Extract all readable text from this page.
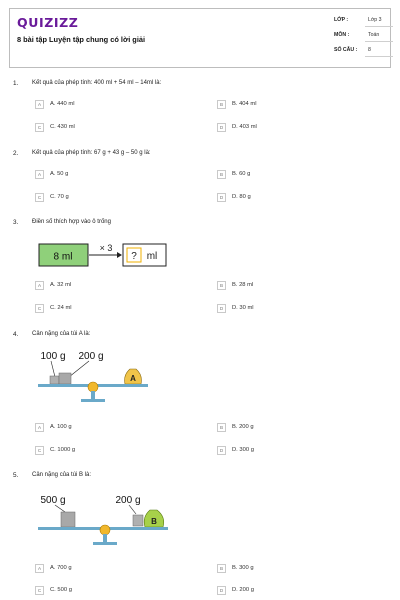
QUIZIZZ
8 bài tập Luyện tập chung có lời giải
LỚP :	Lớp 3
MÔN :	Toán
SỐ CÂU : 8
1. Kết quả của phép tính: 400 ml + 54 ml – 14ml là:
A	A. 440 ml	B	B. 404 ml
C	C. 430 ml	D	D. 403 ml
2. Kết quả của phép tính: 67 g + 43 g – 50 g là:
A	A. 50 g	B	B. 60 g
C	C. 70 g	D	D. 80 g
3. Điền số thích hợp vào ô trống
8 ml
× 3
? ml
A	A. 32 ml	B	B. 28 ml
C	C. 24 ml	D	D. 30 ml
4. Cân nặng của túi A là:
100 g 200 g
A
A	A. 100 g	B	B. 200 g
C	C. 1000 g	D	D. 300 g
5. Cân nặng của túi B là:
500 g	200 g
B
A	A. 700 g	B	B. 300 g
C	C. 500 g	D	D. 200 g
